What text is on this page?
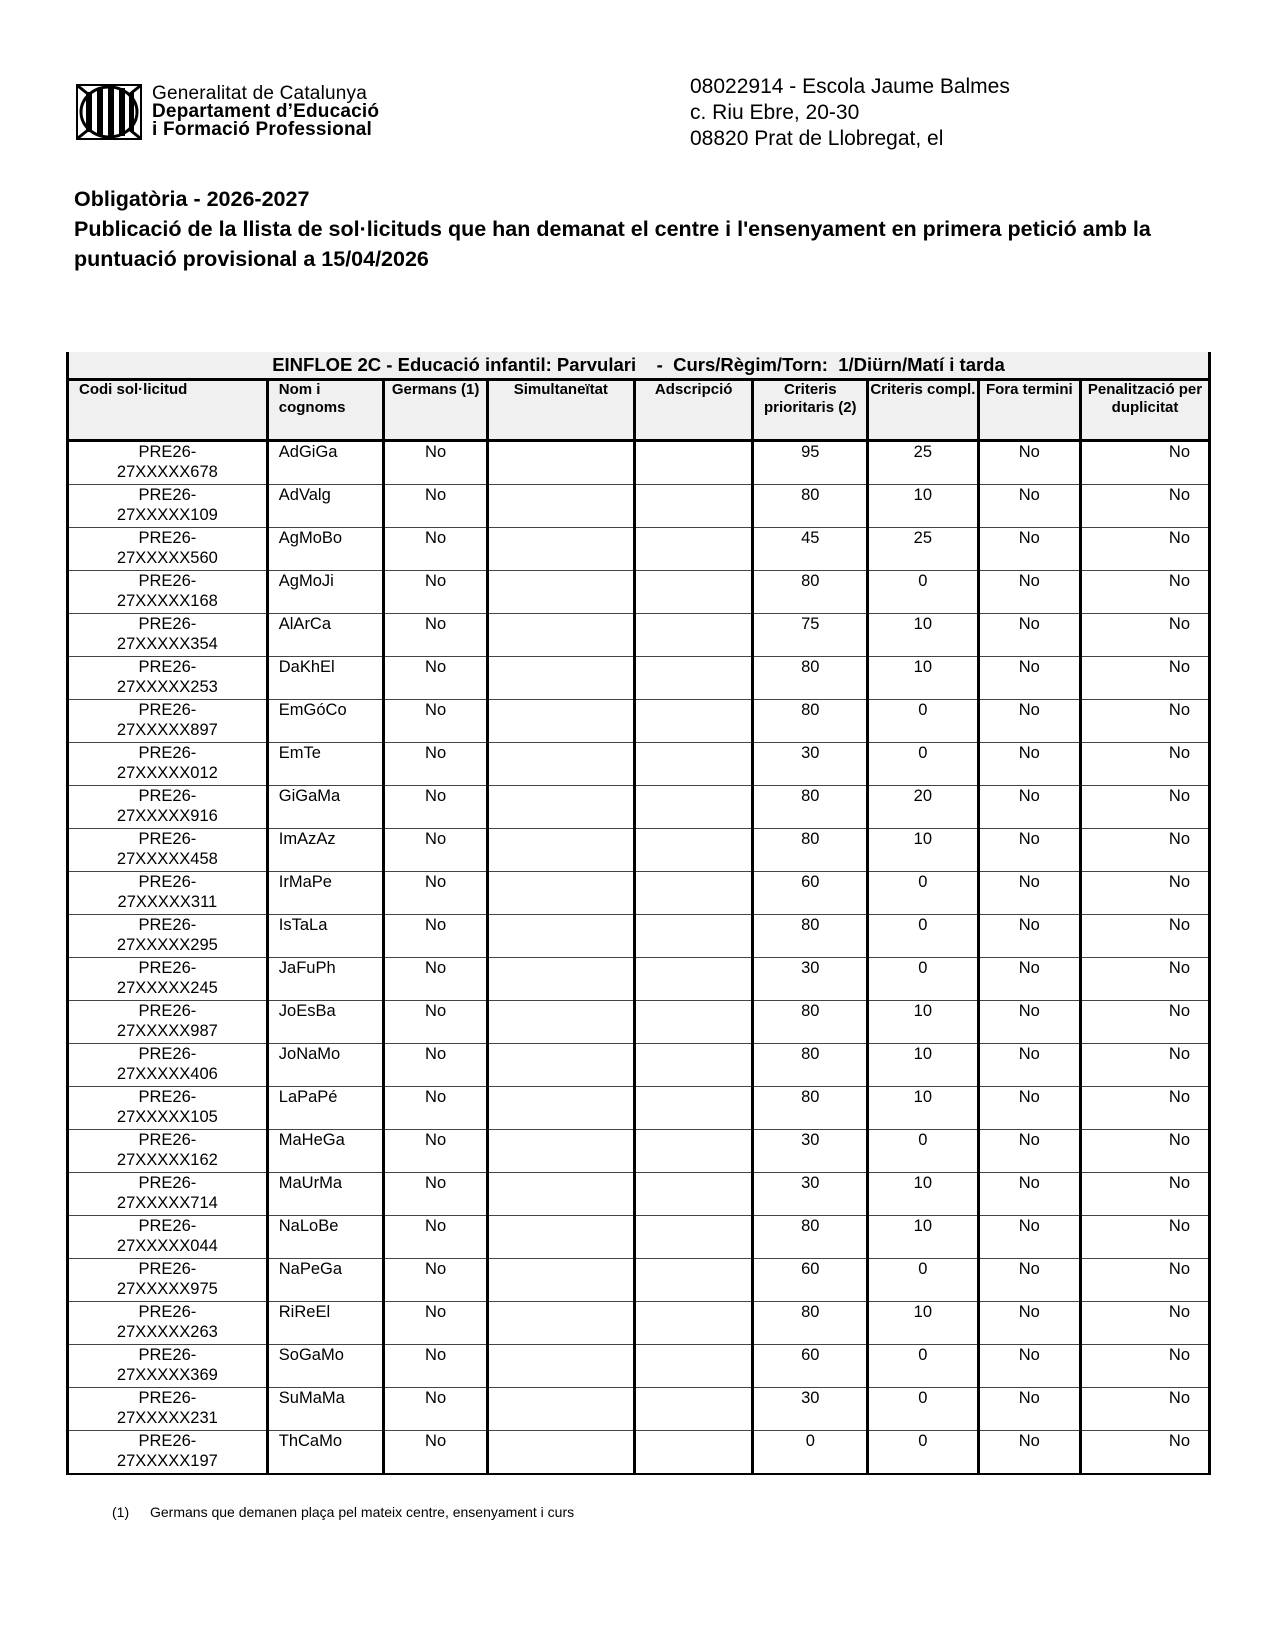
Generalitat de Catalunya
Departament d’Educació
i Formació Professional
08022914 - Escola Jaume Balmes
c. Riu Ebre, 20-30
08820 Prat de Llobregat, el
Obligatòria - 2026-2027
Publicació de la llista de sol·licituds que han demanat el centre i l'ensenyament en primera petició amb la puntuació provisional a 15/04/2026
EINFLOE 2C - Educació infantil: Parvulari    -  Curs/Règim/Torn:  1/Diürn/Matí i tarda								
Codi sol·licitud	Nom i cognoms	Germans (1)	Simultaneïtat	Adscripció	Criteris prioritaris (2)	Criteris compl.	Fora termini	Penalització per duplicitat

PRE26-
27XXXXX678	AdGiGa	No			95	25	No	No

PRE26-
27XXXXX109	AdValg	No			80	10	No	No

PRE26-
27XXXXX560	AgMoBo	No			45	25	No	No

PRE26-
27XXXXX168	AgMoJi	No			80	0	No	No

PRE26-
27XXXXX354	AlArCa	No			75	10	No	No

PRE26-
27XXXXX253	DaKhEl	No			80	10	No	No

PRE26-
27XXXXX897	EmGóCo	No			80	0	No	No

PRE26-
27XXXXX012	EmTe	No			30	0	No	No

PRE26-
27XXXXX916	GiGaMa	No			80	20	No	No

PRE26-
27XXXXX458	ImAzAz	No			80	10	No	No

PRE26-
27XXXXX311	IrMaPe	No			60	0	No	No

PRE26-
27XXXXX295	IsTaLa	No			80	0	No	No

PRE26-
27XXXXX245	JaFuPh	No			30	0	No	No

PRE26-
27XXXXX987	JoEsBa	No			80	10	No	No

PRE26-
27XXXXX406	JoNaMo	No			80	10	No	No

PRE26-
27XXXXX105	LaPaPé	No			80	10	No	No

PRE26-
27XXXXX162	MaHeGa	No			30	0	No	No

PRE26-
27XXXXX714	MaUrMa	No			30	10	No	No

PRE26-
27XXXXX044	NaLoBe	No			80	10	No	No

PRE26-
27XXXXX975	NaPeGa	No			60	0	No	No

PRE26-
27XXXXX263	RiReEl	No			80	10	No	No

PRE26-
27XXXXX369	SoGaMo	No			60	0	No	No

PRE26-
27XXXXX231	SuMaMa	No			30	0	No	No

PRE26-
27XXXXX197	ThCaMo	No			0	0	No	No
(1) Germans que demanen plaça pel mateix centre, ensenyament i curs
